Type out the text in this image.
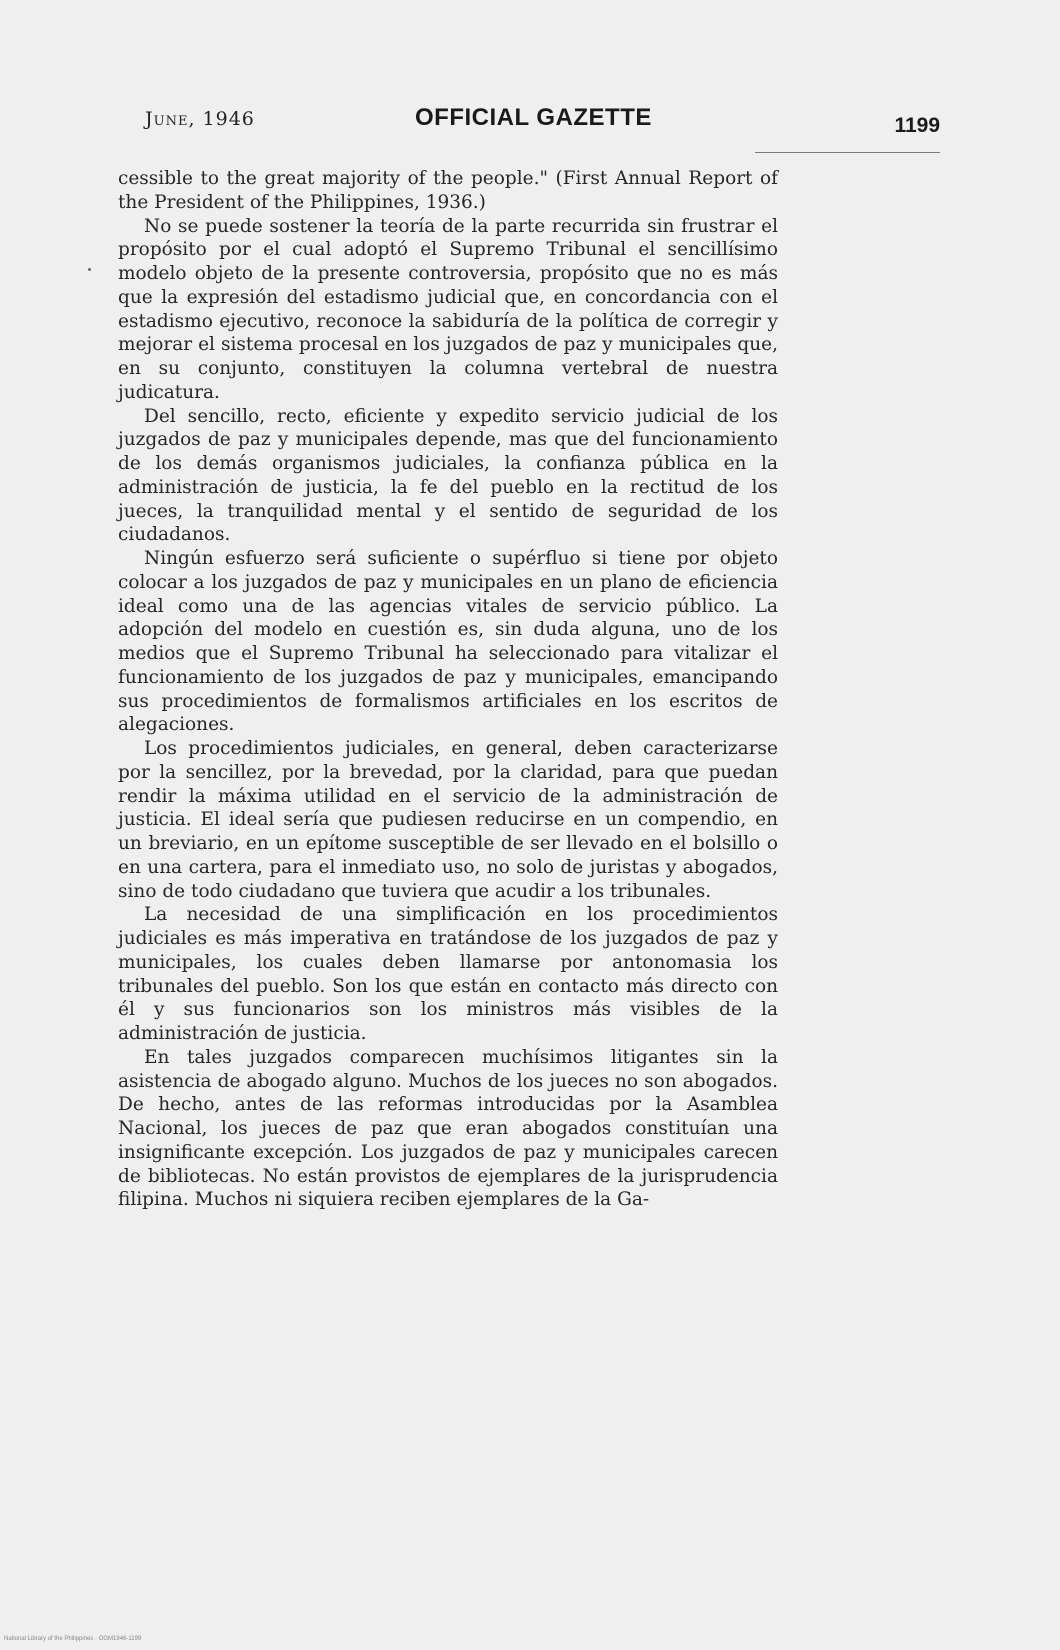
June, 1946	OFFICIAL GAZETTE	1199

cessible to the great majority of the people." (First Annual Report of the President of the Philippines, 1936.)

No se puede sostener la teoría de la parte recurrida sin frustrar el propósito por el cual adoptó el Supremo Tribunal el sencillísimo modelo objeto de la presente controversia, propósito que no es más que la expresión del estadismo judicial que, en concordancia con el estadismo ejecutivo, reconoce la sabiduría de la política de corregir y mejorar el sistema procesal en los juzgados de paz y municipales que, en su conjunto, constituyen la columna vertebral de nuestra judicatura.

Del sencillo, recto, eficiente y expedito servicio judicial de los juzgados de paz y municipales depende, mas que del funcionamiento de los demás organismos judiciales, la confianza pública en la administración de justicia, la fe del pueblo en la rectitud de los jueces, la tranquilidad mental y el sentido de seguridad de los ciudadanos.

Ningún esfuerzo será suficiente o supérfluo si tiene por objeto colocar a los juzgados de paz y municipales en un plano de eficiencia ideal como una de las agencias vitales de servicio público. La adopción del modelo en cuestión es, sin duda alguna, uno de los medios que el Supremo Tribunal ha seleccionado para vitalizar el funcionamiento de los juzgados de paz y municipales, emancipando sus procedimientos de formalismos artificiales en los escritos de alegaciones.

Los procedimientos judiciales, en general, deben caracterizarse por la sencillez, por la brevedad, por la claridad, para que puedan rendir la máxima utilidad en el servicio de la administración de justicia. El ideal sería que pudiesen reducirse en un compendio, en un breviario, en un epítome susceptible de ser llevado en el bolsillo o en una cartera, para el inmediato uso, no solo de juristas y abogados, sino de todo ciudadano que tuviera que acudir a los tribunales.

La necesidad de una simplificación en los procedimientos judiciales es más imperativa en tratándose de los juzgados de paz y municipales, los cuales deben llamarse por antonomasia los tribunales del pueblo. Son los que están en contacto más directo con él y sus funcionarios son los ministros más visibles de la administración de justicia.

En tales juzgados comparecen muchísimos litigantes sin la asistencia de abogado alguno. Muchos de los jueces no son abogados. De hecho, antes de las reformas introducidas por la Asamblea Nacional, los jueces de paz que eran abogados constituían una insignificante excepción. Los juzgados de paz y municipales carecen de bibliotecas. No están provistos de ejemplares de la jurisprudencia filipina. Muchos ni siquiera reciben ejemplares de la Ga-

National Library of the Philippines · OGM1946-1199
